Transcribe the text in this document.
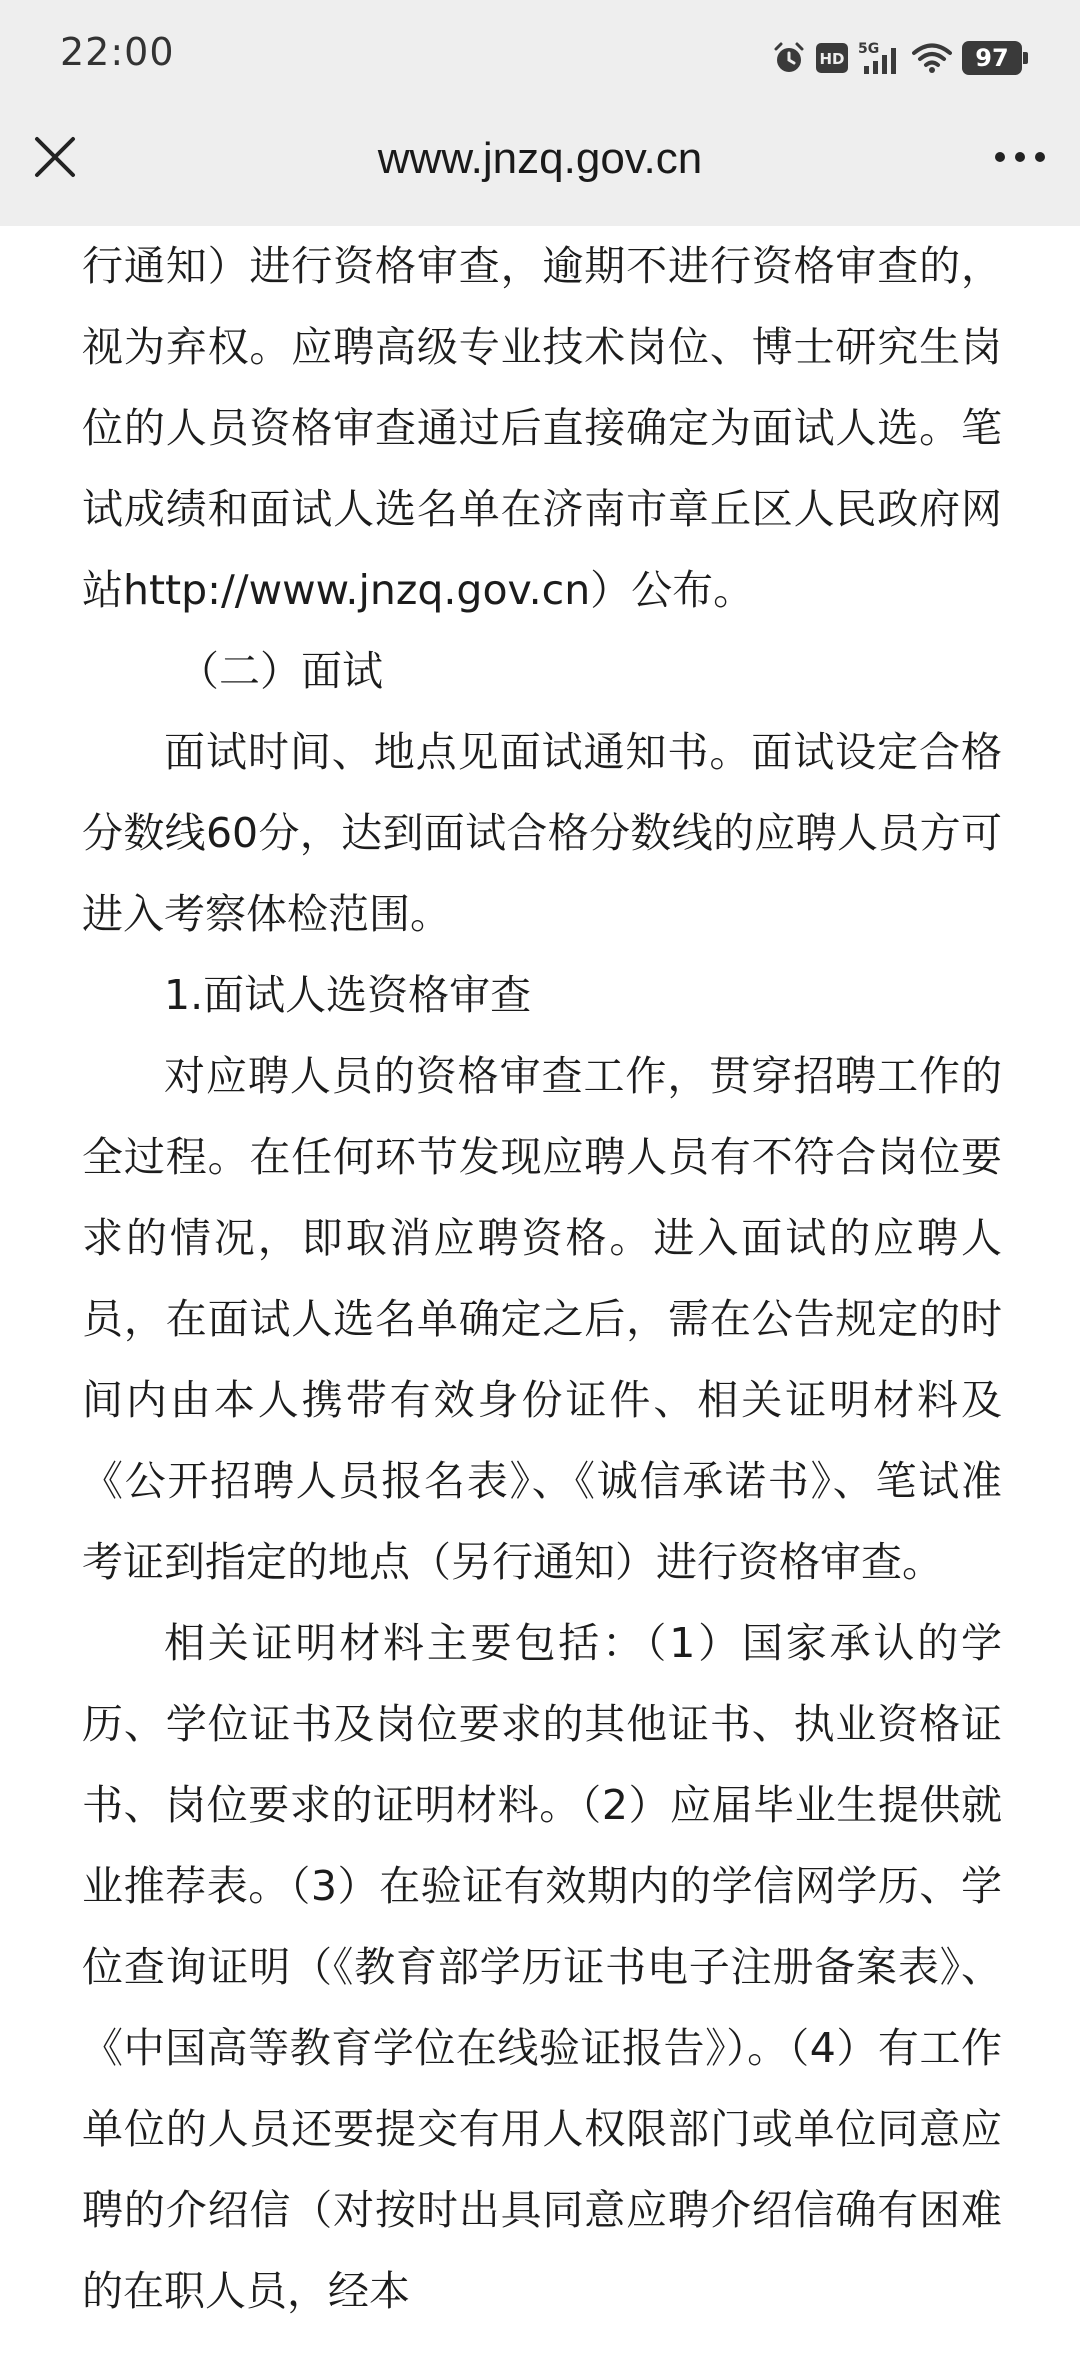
22:00	HD
5G	97
www.jnzq.gov.cn

行通知）进行资格审查，逾期不进行资格审查的，视为弃权。应聘高级专业技术岗位、博士研究生岗位的人员资格审查通过后直接确定为面试人选。笔试成绩和面试人选名单在济南市章丘区人民政府网站http://www.jnzq.gov.cn）公布。

（二）面试

面试时间、地点见面试通知书。面试设定合格分数线60分，达到面试合格分数线的应聘人员方可进入考察体检范围。

1.面试人选资格审查

对应聘人员的资格审查工作，贯穿招聘工作的全过程。在任何环节发现应聘人员有不符合岗位要求的情况，即取消应聘资格。进入面试的应聘人员，在面试人选名单确定之后，需在公告规定的时间内由本人携带有效身份证件、相关证明材料及《公开招聘人员报名表》、《诚信承诺书》、笔试准考证到指定的地点（另行通知）进行资格审查。

相关证明材料主要包括：（1）国家承认的学历、学位证书及岗位要求的其他证书、执业资格证书、岗位要求的证明材料。（2）应届毕业生提供就业推荐表。（3）在验证有效期内的学信网学历、学位查询证明（《教育部学历证书电子注册备案表》、《中国高等教育学位在线验证报告》）。（4）有工作单位的人员还要提交有用人权限部门或单位同意应聘的介绍信（对按时出具同意应聘介绍信确有困难的在职人员，经本
